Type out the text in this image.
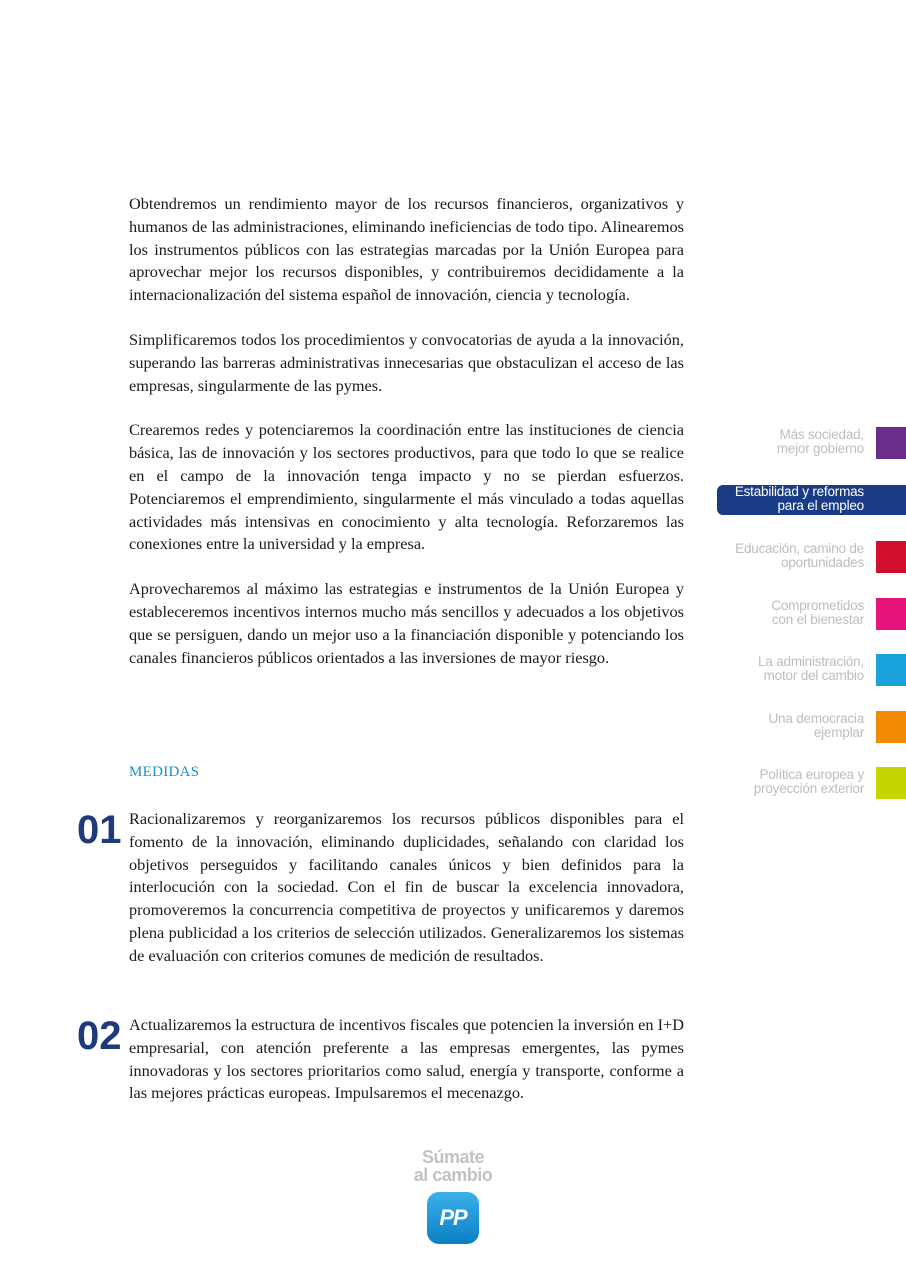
Obtendremos un rendimiento mayor de los recursos financieros, organizativos y humanos de las administraciones, eliminando ineficiencias de todo tipo. Alinearemos los instrumentos públicos con las estrategias marcadas por la Unión Europea para aprovechar mejor los recursos disponibles, y contribuiremos decididamente a la internacionalización del sistema español de innovación, ciencia y tecnología.

Simplificaremos todos los procedimientos y convocatorias de ayuda a la innovación, superando las barreras administrativas innecesarias que obstaculizan el acceso de las empresas, singularmente de las pymes.

Crearemos redes y potenciaremos la coordinación entre las instituciones de ciencia básica, las de innovación y los sectores productivos, para que todo lo que se realice en el campo de la innovación tenga impacto y no se pierdan esfuerzos. Potenciaremos el emprendimiento, singularmente el más vinculado a todas aquellas actividades más intensivas en conocimiento y alta tecnología. Reforzaremos las conexiones entre la universidad y la empresa.

Aprovecharemos al máximo las estrategias e instrumentos de la Unión Europea y estableceremos incentivos internos mucho más sencillos y adecuados a los objetivos que se persiguen, dando un mejor uso a la financiación disponible y potenciando los canales financieros públicos orientados a las inversiones de mayor riesgo.

MEDIDAS
01 Racionalizaremos y reorganizaremos los recursos públicos disponibles para el fomento de la innovación, eliminando duplicidades, señalando con claridad los objetivos perseguidos y facilitando canales únicos y bien definidos para la interlocución con la sociedad. Con el fin de buscar la excelencia innovadora, promoveremos la concurrencia competitiva de proyectos y unificaremos y daremos plena publicidad a los criterios de selección utilizados. Generalizaremos los sistemas de evaluación con criterios comunes de medición de resultados.
02 Actualizaremos la estructura de incentivos fiscales que potencien la inversión en I+D empresarial, con atención preferente a las empresas emergentes, las pymes innovadoras y los sectores prioritarios como salud, energía y transporte, conforme a las mejores prácticas europeas. Impulsaremos el mecenazgo.
Más sociedad,
mejor gobierno
Estabilidad y reformas
para el empleo
Educación, camino de
oportunidades
Comprometidos
con el bienestar
La administración,
motor del cambio
Una democracia
ejemplar
Política europea y
proyección exterior
Súmate
al cambio
PP
